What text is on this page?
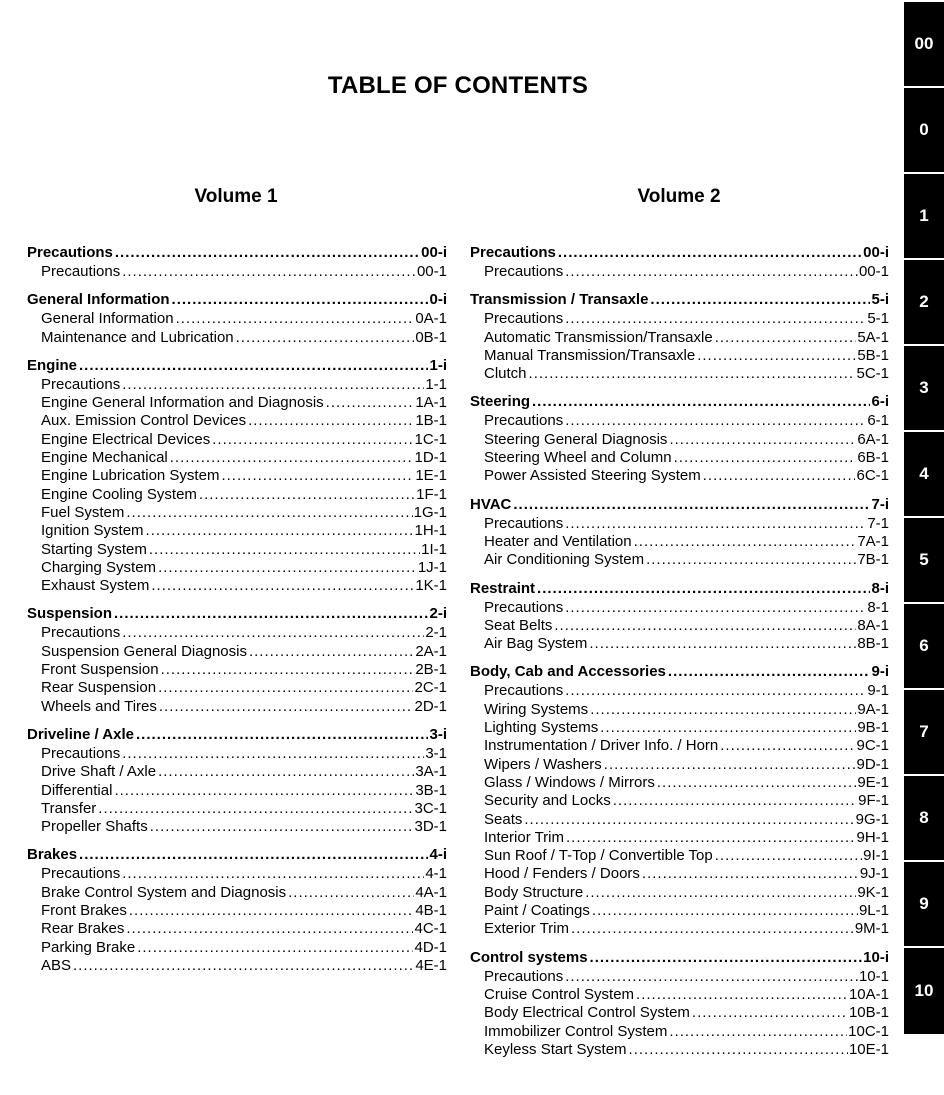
TABLE OF CONTENTS
Volume 1	Volume 2
Precautions .....	00-i
Precautions .....	00-1
General Information .....	0-i
General Information .....	0A-1
Maintenance and Lubrication .....	0B-1
Engine .....	1-i
Precautions .....	1-1
Engine General Information and Diagnosis .....	1A-1
Aux. Emission Control Devices .....	1B-1
Engine Electrical Devices .....	1C-1
Engine Mechanical .....	1D-1
Engine Lubrication System .....	1E-1
Engine Cooling System .....	1F-1
Fuel System .....	1G-1
Ignition System .....	1H-1
Starting System .....	1I-1
Charging System .....	1J-1
Exhaust System .....	1K-1
Suspension .....	2-i
Precautions .....	2-1
Suspension General Diagnosis .....	2A-1
Front Suspension .....	2B-1
Rear Suspension .....	2C-1
Wheels and Tires .....	2D-1
Driveline / Axle .....	3-i
Precautions .....	3-1
Drive Shaft / Axle .....	3A-1
Differential .....	3B-1
Transfer .....	3C-1
Propeller Shafts .....	3D-1
Brakes .....	4-i
Precautions .....	4-1
Brake Control System and Diagnosis .....	4A-1
Front Brakes .....	4B-1
Rear Brakes .....	4C-1
Parking Brake .....	4D-1
ABS .....	4E-1
Precautions .....	00-i
Precautions .....	00-1
Transmission / Transaxle .....	5-i
Precautions .....	5-1
Automatic Transmission/Transaxle .....	5A-1
Manual Transmission/Transaxle .....	5B-1
Clutch .....	5C-1
Steering .....	6-i
Precautions .....	6-1
Steering General Diagnosis .....	6A-1
Steering Wheel and Column .....	6B-1
Power Assisted Steering System .....	6C-1
HVAC .....	7-i
Precautions .....	7-1
Heater and Ventilation .....	7A-1
Air Conditioning System .....	7B-1
Restraint .....	8-i
Precautions .....	8-1
Seat Belts .....	8A-1
Air Bag System .....	8B-1
Body, Cab and Accessories .....	9-i
Precautions .....	9-1
Wiring Systems .....	9A-1
Lighting Systems .....	9B-1
Instrumentation / Driver Info. / Horn .....	9C-1
Wipers / Washers .....	9D-1
Glass / Windows / Mirrors .....	9E-1
Security and Locks .....	9F-1
Seats .....	9G-1
Interior Trim .....	9H-1
Sun Roof / T-Top / Convertible Top .....	9I-1
Hood / Fenders / Doors .....	9J-1
Body Structure .....	9K-1
Paint / Coatings .....	9L-1
Exterior Trim .....	9M-1
Control systems .....	10-i
Precautions .....	10-1
Cruise Control System .....	10A-1
Body Electrical Control System .....	10B-1
Immobilizer Control System .....	10C-1
Keyless Start System .....	10E-1
00
0
1
2
3
4
5
6
7
8
9
10
